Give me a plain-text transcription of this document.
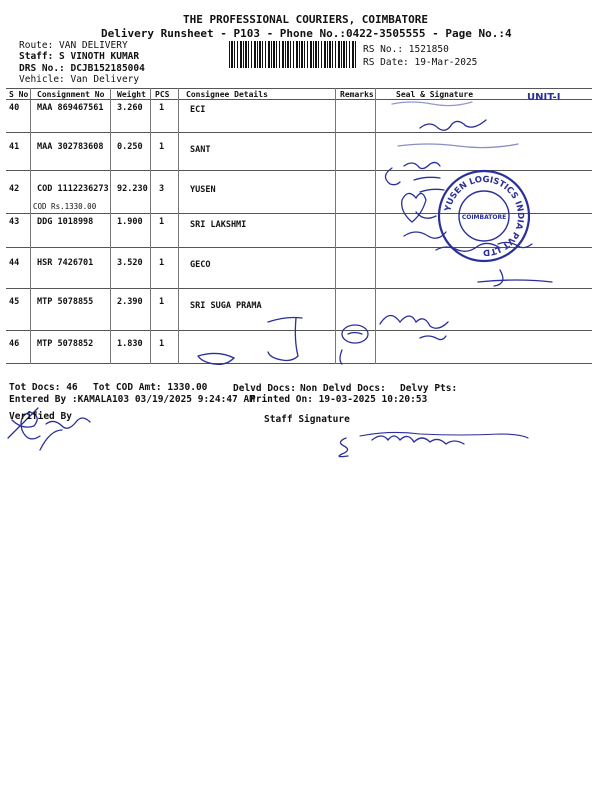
THE PROFESSIONAL COURIERS, COIMBATORE
Delivery Runsheet - P103 - Phone No.:0422-3505555 - Page No.:4
Route: VAN DELIVERY
Staff: S VINOTH KUMAR
DRS No.: DCJB152185004
Vehicle: Van Delivery
RS No.: 1521850
RS Date: 19-Mar-2025
S No Consignment No Weight PCS Consignee Details	Remarks	Seal & Signature
40 MAA 869467561 3.260 1	ECI
41 MAA 302783608 0.250 1	SANT
42 COD 1112236273 92.230 3	YUSEN
COD Rs.1330.00
43 DDG 1018998	1.900 1	SRI LAKSHMI
44 HSR 7426701	3.520 1	GECO
45 MTP 5078855	2.390 1	SRI SUGA PRAMA
46 MTP 5078852	1.830 1
YUSEN LOGISTICS INDIA PVT LTD
COIMBATORE
UNIT-I
Tot Docs: 46 Tot COD Amt: 1330.00	Delvd Docs: Non Delvd Docs: Delvy Pts:
Entered By :KAMALA103 03/19/2025 9:24:47 AM
Printed On: 19-03-2025 10:20:53
Verified By	Staff Signature
